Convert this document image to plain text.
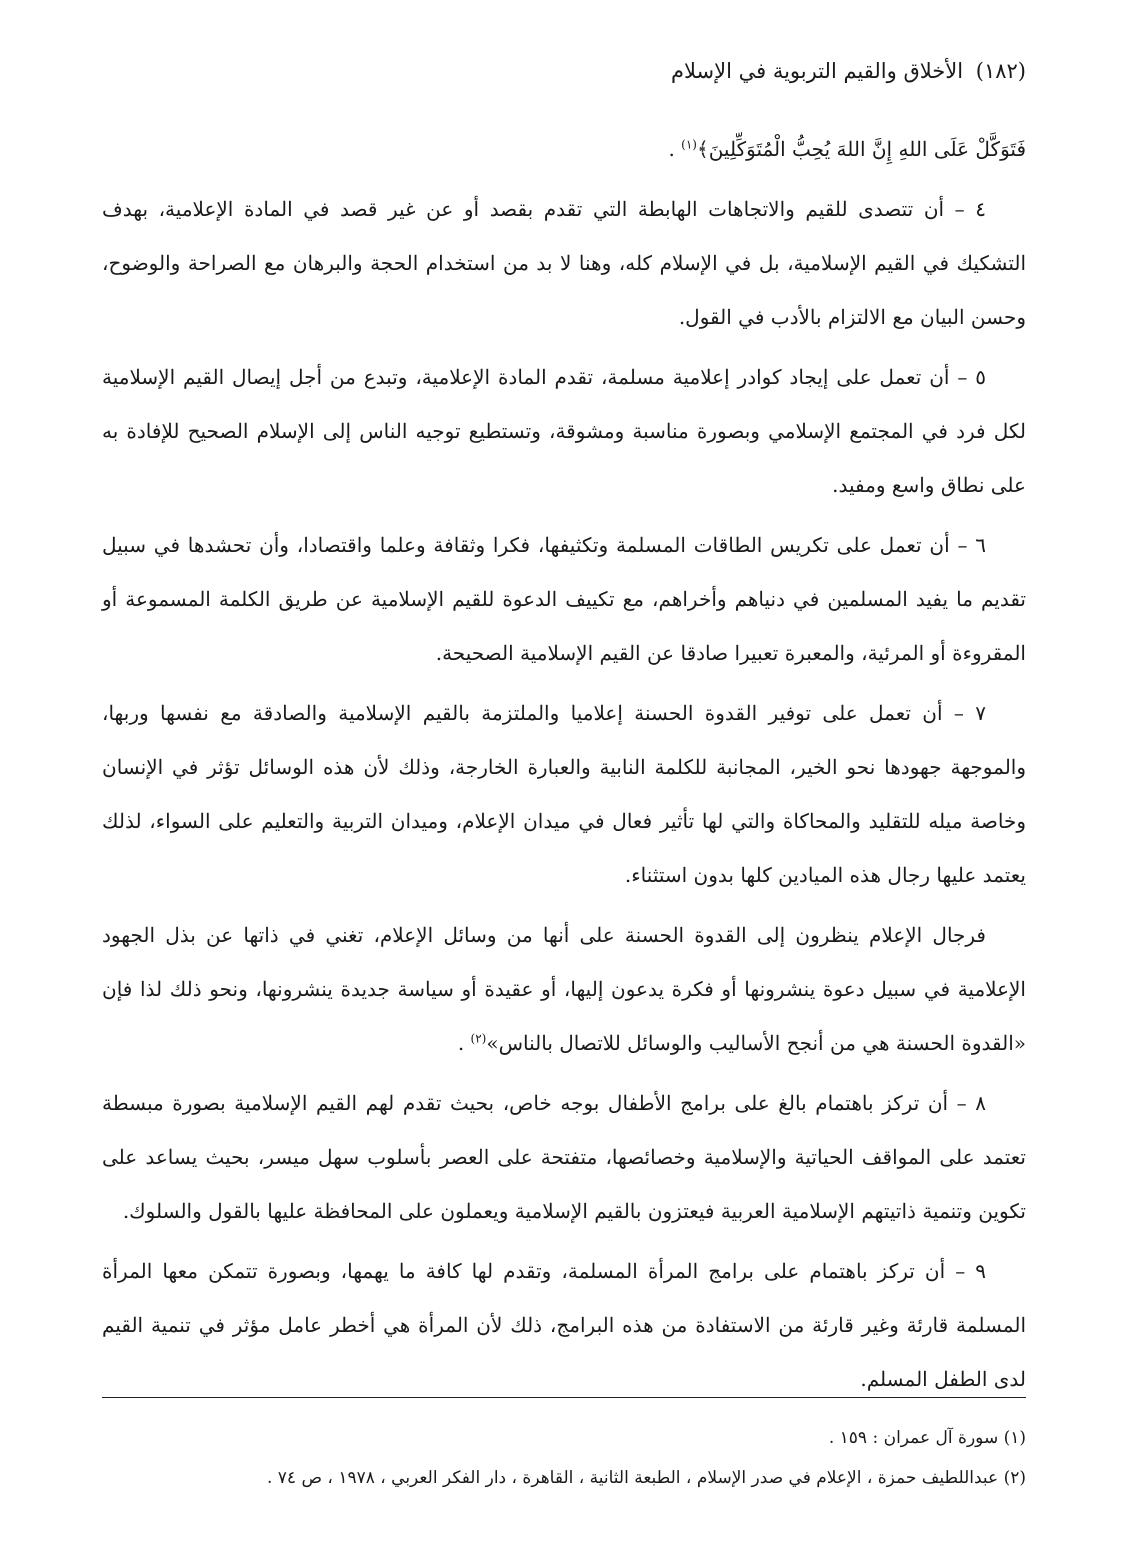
(١٨٢) الأخلاق والقيم التربوية في الإسلام

فَتَوَكَّلْ عَلَى اللهِ إِنَّ اللهَ يُحِبُّ الْمُتَوَكِّلِينَ﴾$^{(١)}$ .

٤ – أن تتصدى للقيم والاتجاهات الهابطة التي تقدم بقصد أو عن غير قصد في المادة الإعلامية، بهدف التشكيك في القيم الإسلامية، بل في الإسلام كله، وهنا لا بد من استخدام الحجة والبرهان مع الصراحة والوضوح، وحسن البيان مع الالتزام بالأدب في القول.

٥ – أن تعمل على إيجاد كوادر إعلامية مسلمة، تقدم المادة الإعلامية، وتبدع من أجل إيصال القيم الإسلامية لكل فرد في المجتمع الإسلامي وبصورة مناسبة ومشوقة، وتستطيع توجيه الناس إلى الإسلام الصحيح للإفادة به على نطاق واسع ومفيد.

٦ – أن تعمل على تكريس الطاقات المسلمة وتكثيفها، فكرا وثقافة وعلما واقتصادا، وأن تحشدها في سبيل تقديم ما يفيد المسلمين في دنياهم وأخراهم، مع تكييف الدعوة للقيم الإسلامية عن طريق الكلمة المسموعة أو المقروءة أو المرئية، والمعبرة تعبيرا صادقا عن القيم الإسلامية الصحيحة.

٧ – أن تعمل على توفير القدوة الحسنة إعلاميا والملتزمة بالقيم الإسلامية والصادقة مع نفسها وربها، والموجهة جهودها نحو الخير، المجانبة للكلمة النابية والعبارة الخارجة، وذلك لأن هذه الوسائل تؤثر في الإنسان وخاصة ميله للتقليد والمحاكاة والتي لها تأثير فعال في ميدان الإعلام، وميدان التربية والتعليم على السواء، لذلك يعتمد عليها رجال هذه الميادين كلها بدون استثناء.

فرجال الإعلام ينظرون إلى القدوة الحسنة على أنها من وسائل الإعلام، تغني في ذاتها عن بذل الجهود الإعلامية في سبيل دعوة ينشرونها أو فكرة يدعون إليها، أو عقيدة أو سياسة جديدة ينشرونها، ونحو ذلك لذا فإن «القدوة الحسنة هي من أنجح الأساليب والوسائل للاتصال بالناس»$^{(٢)}$ .

٨ – أن تركز باهتمام بالغ على برامج الأطفال بوجه خاص، بحيث تقدم لهم القيم الإسلامية بصورة مبسطة تعتمد على المواقف الحياتية والإسلامية وخصائصها، متفتحة على العصر بأسلوب سهل ميسر، بحيث يساعد على تكوين وتنمية ذاتيتهم الإسلامية العربية فيعتزون بالقيم الإسلامية ويعملون على المحافظة عليها بالقول والسلوك.

٩ – أن تركز باهتمام على برامج المرأة المسلمة، وتقدم لها كافة ما يهمها، وبصورة تتمكن معها المرأة المسلمة قارئة وغير قارئة من الاستفادة من هذه البرامج، ذلك لأن المرأة هي أخطر عامل مؤثر في تنمية القيم لدى الطفل المسلم.

(١) سورة آل عمران : ١٥٩ .

(٢) عبداللطيف حمزة ، الإعلام في صدر الإسلام ، الطبعة الثانية ، القاهرة ، دار الفكر العربي ، ١٩٧٨ ، ص ٧٤ .
